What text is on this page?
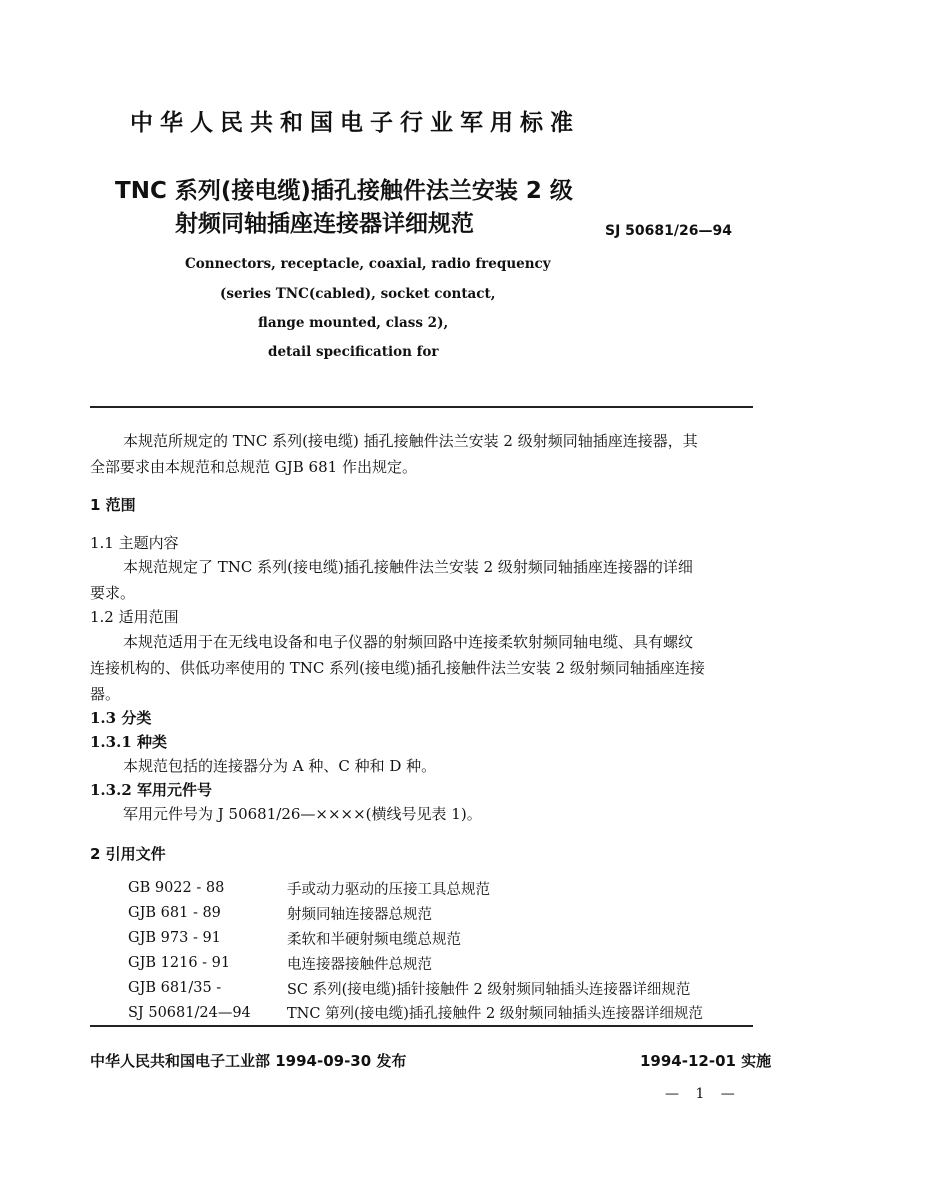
中华人民共和国电子行业军用标准
TNC 系列(接电缆)插孔接触件法兰安装 2 级
射频同轴插座连接器详细规范	SJ 50681/26—94
Connectors, receptacle, coaxial, radio frequency
(series TNC(cabled), socket contact,
flange mounted, class 2),
detail specification for
本规范所规定的 TNC 系列(接电缆) 插孔接触件法兰安装 2 级射频同轴插座连接器，其
全部要求由本规范和总规范 GJB 681 作出规定。
1 范围
1.1 主题内容
本规范规定了 TNC 系列(接电缆)插孔接触件法兰安装 2 级射频同轴插座连接器的详细
要求。
1.2 适用范围
本规范适用于在无线电设备和电子仪器的射频回路中连接柔软射频同轴电缆、具有螺纹
连接机构的、供低功率使用的 TNC 系列(接电缆)插孔接触件法兰安装 2 级射频同轴插座连接
器。
1.3 分类
1.3.1 种类
本规范包括的连接器分为 A 种、C 种和 D 种。
1.3.2 军用元件号
军用元件号为 J 50681/26—××××(横线号见表 1)。
2 引用文件
GB 9022 - 88	手或动力驱动的压接工具总规范
GJB 681 - 89	射频同轴连接器总规范
GJB 973 - 91	柔软和半硬射频电缆总规范
GJB 1216 - 91	电连接器接触件总规范
GJB 681/35 -	SC 系列(接电缆)插针接触件 2 级射频同轴插头连接器详细规范
SJ 50681/24—94 TNC 第列(接电缆)插孔接触件 2 级射频同轴插头连接器详细规范
中华人民共和国电子工业部 1994-09-30 发布	1994-12-01 实施
— 1 —
